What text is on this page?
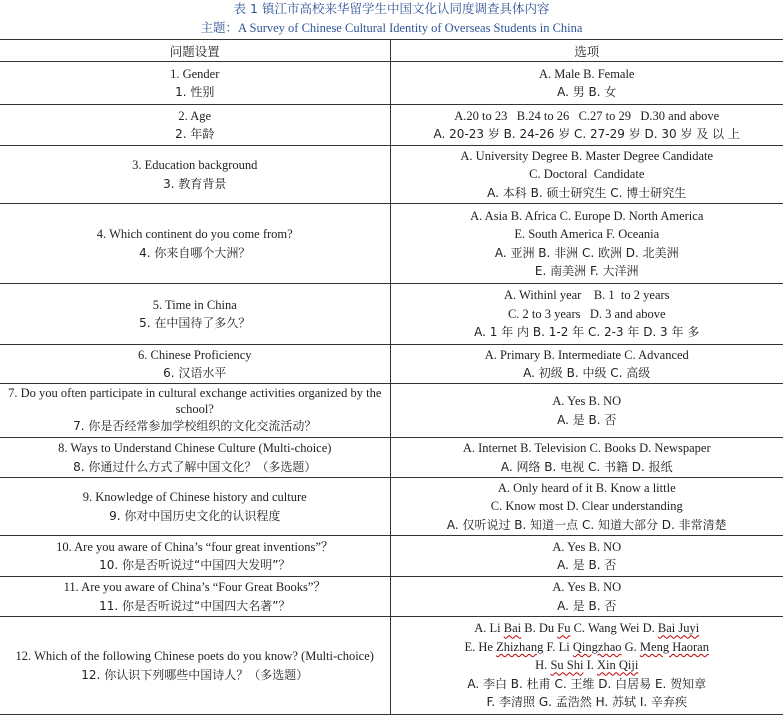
表 1 镇江市高校来华留学生中国文化认同度调查具体内容
主题：A Survey of Chinese Cultural Identity of Overseas Students in China
问题设置	选项

1. Gender
1. 性别	A. Male B. Female
A. 男 B. 女

2. Age
2. 年龄	A.20 to 23   B.24 to 26   C.27 to 29   D.30 and above
A. 20-23 岁 B. 24-26 岁 C. 27-29 岁 D. 30 岁 及 以 上

3. Education background
3. 教育背景	A. University Degree B. Master Degree Candidate
C. Doctoral  Candidate
A. 本科 B. 硕士研究生 C. 博士研究生

4. Which continent do you come from?
4. 你来自哪个大洲？	A. Asia B. Africa C. Europe D. North America
E. South America F. Oceania
A. 亚洲 B. 非洲 C. 欧洲 D. 北美洲
E. 南美洲 F. 大洋洲

5. Time in China
5. 在中国待了多久？	A. Withinl year    B. 1  to 2 years
C. 2 to 3 years   D. 3 and above
A. 1 年 内 B. 1-2 年 C. 2-3 年 D. 3 年 多

6. Chinese Proficiency
6. 汉语水平	A. Primary B. Intermediate C. Advanced
A. 初级 B. 中级 C. 高级

7. Do you often participate in cultural exchange activities organized by the school?
7. 你是否经常参加学校组织的文化交流活动？	A. Yes B. NO
A. 是 B. 否

8. Ways to Understand Chinese Culture (Multi-choice)
8. 你通过什么方式了解中国文化？（多选题）	A. Internet B. Television C. Books D. Newspaper
A. 网络 B. 电视 C. 书籍 D. 报纸

9. Knowledge of Chinese history and culture
9. 你对中国历史文化的认识程度	A. Only heard of it B. Know a little
C. Know most D. Clear understanding
A. 仅听说过 B. 知道一点 C. 知道大部分 D. 非常清楚

10. Are you aware of China’s “four great inventions”？
10. 你是否听说过“中国四大发明”？	A. Yes B. NO
A. 是 B. 否

11. Are you aware of China’s “Four Great Books”？
11. 你是否听说过“中国四大名著”？	A. Yes B. NO
A. 是 B. 否

12. Which of the following Chinese poets do you know? (Multi-choice)
12. 你认识下列哪些中国诗人？（多选题）	A. Li Bai B. Du Fu C. Wang Wei D. Bai Juyi
E. He Zhizhang F. Li Qingzhao G. Meng Haoran
H. Su Shi I. Xin Qiji
A. 李白 B. 杜甫 C. 王维 D. 白居易 E. 贺知章
F. 李清照 G. 孟浩然 H. 苏轼 I. 辛弃疾
